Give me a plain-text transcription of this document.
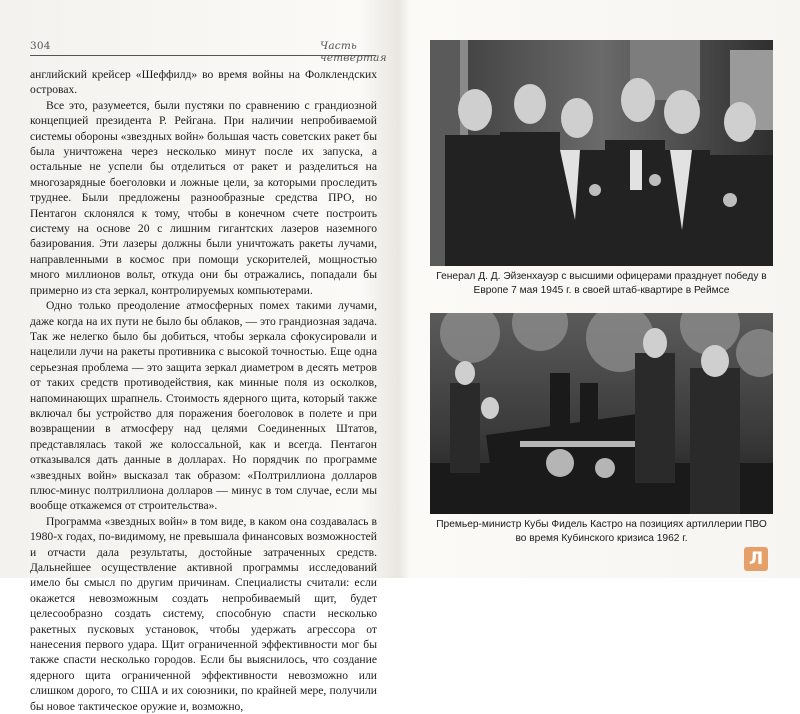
304	Часть четвертая

английский крейсер «Шеффилд» во время войны на Фолклендских островах.

Все это, разумеется, были пустяки по сравнению с грандиозной концепцией президента Р. Рейгана. При наличии непробиваемой системы обороны «звездных войн» большая часть советских ракет бы была уничтожена через несколько минут после их запуска, а остальные не успели бы отделиться от ракет и разделиться на многозарядные боеголовки и ложные цели, за которыми проследить труднее. Были предложены разнообразные средства ПРО, но Пентагон склонялся к тому, чтобы в конечном счете построить систему на основе 20 с лишним гигантских лазеров наземного базирования. Эти лазеры должны были уничтожать ракеты лучами, направленными в космос при помощи ускорителей, мощностью много миллионов вольт, откуда они бы отражались, попадали бы примерно из ста зеркал, контролируемых компьютерами.

Одно только преодоление атмосферных помех такими лучами, даже когда на их пути не было бы облаков, — это грандиозная задача. Так же нелегко было бы добиться, чтобы зеркала сфокусировали и нацелили лучи на ракеты противника с высокой точностью. Еще одна серьезная проблема — это защита зеркал диаметром в десять метров от таких средств противодействия, как минные поля из осколков, напоминающих шрапнель. Стоимость ядерного щита, который также включал бы устройство для поражения боеголовок в полете и при возвращении в атмосферу над целями Соединенных Штатов, представлялась такой же колоссальной, как и всегда. Пентагон отказывался дать данные в долларах. Но порядчик по программе «звездных войн» высказал так образом: «Полтриллиона долларов плюс-минус полтриллиона долларов — минус в том случае, если мы вообще откажемся от строительства».

Программа «звездных войн» в том виде, в каком она создавалась в 1980-х годах, по-видимому, не превышала финансовых возможностей и отчасти дала результаты, достойные затраченных средств. Дальнейшее осуществление активной программы исследований имело бы смысл по другим причинам. Специалисты считали: если окажется невозможным создать непробиваемый щит, будет целесообразно создать систему, способную спасти несколько ракетных пусковых установок, чтобы удержать агрессора от нанесения первого удара. Щит ограниченной эффективности мог бы также спасти несколько городов. Если бы выяснилось, что создание ядерного щита ограниченной эффективности невозможно или слишком дорого, то США и их союзники, по крайней мере, получили бы новое тактическое оружие и, возможно,

Генерал Д. Д. Эйзенхауэр с высшими офицерами празднует победу в Европе 7 мая 1945 г. в своей штаб-квартире в Реймсе
Премьер-министр Кубы Фидель Кастро на позициях артиллерии ПВО во время Кубинского кризиса 1962 г.
Л
